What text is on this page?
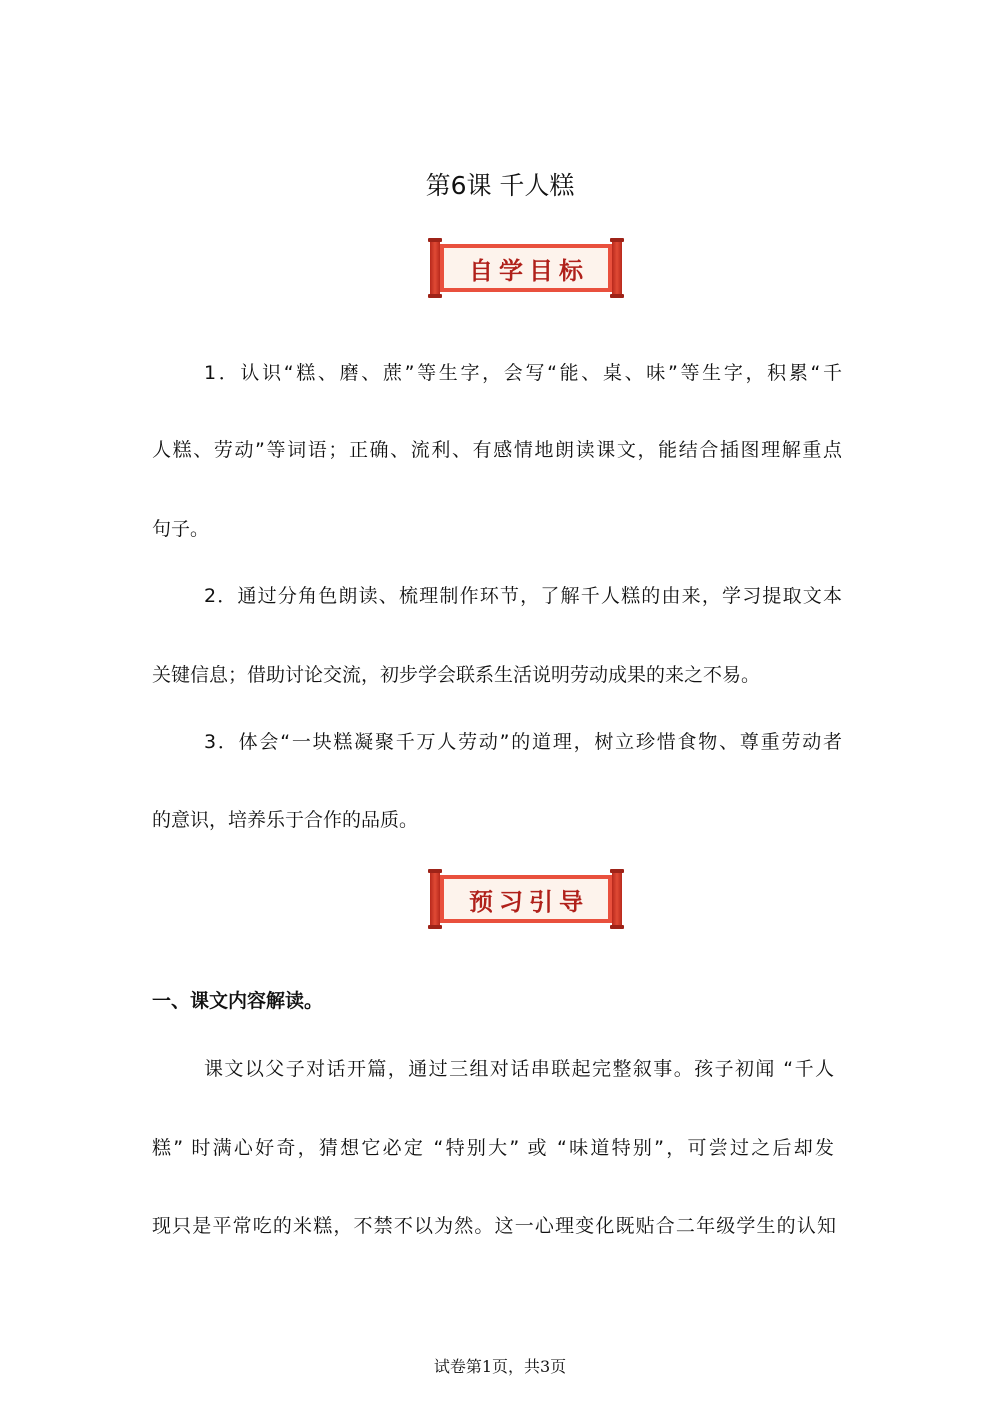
第6课 千人糕
自学目标
1．认识“糕、磨、蔗”等生字，会写“能、桌、味”等生字，积累“千
人糕、劳动”等词语；正确、流利、有感情地朗读课文，能结合插图理解重点
句子。
2．通过分角色朗读、梳理制作环节，了解千人糕的由来，学习提取文本
关键信息；借助讨论交流，初步学会联系生活说明劳动成果的来之不易。
3．体会“一块糕凝聚千万人劳动”的道理，树立珍惜食物、尊重劳动者
的意识，培养乐于合作的品质。
预习引导
一、课文内容解读。
课文以父子对话开篇，通过三组对话串联起完整叙事。孩子初闻 “千人
糕” 时满心好奇，猜想它必定 “特别大” 或 “味道特别”，可尝过之后却发
现只是平常吃的米糕，不禁不以为然。这一心理变化既贴合二年级学生的认知
试卷第1页，共3页
